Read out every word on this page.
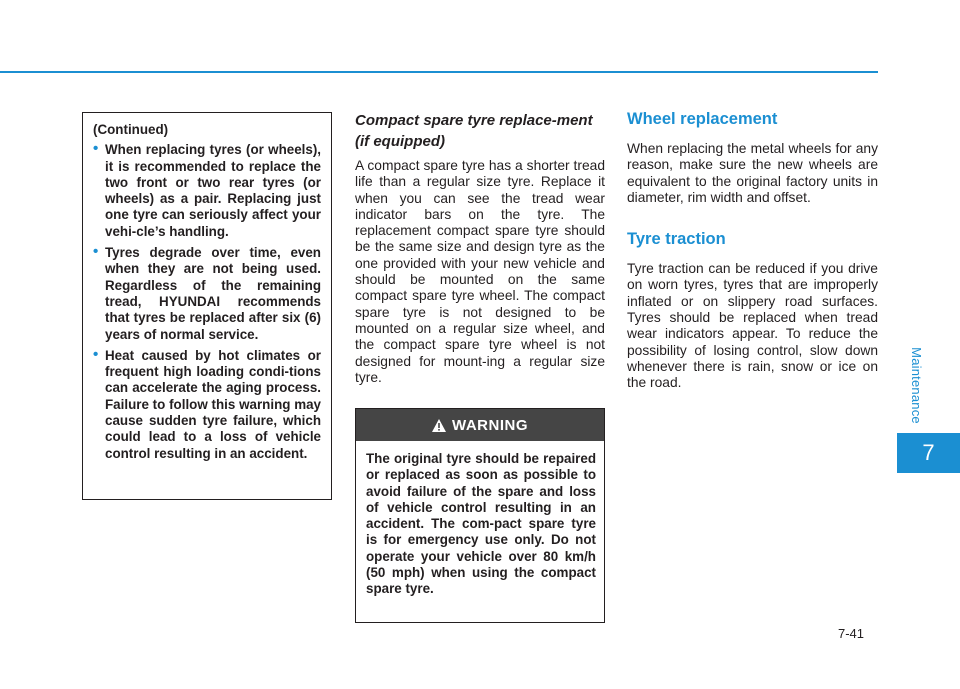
(Continued)

• When replacing tyres (or wheels), it is recommended to replace the two front or two rear tyres (or wheels) as a pair. Replacing just one tyre can seriously affect your vehi-cle’s handling.
• Tyres degrade over time, even when they are not being used. Regardless of the remaining tread, HYUNDAI recommends that tyres be replaced after six (6) years of normal service.
• Heat caused by hot climates or frequent high loading condi-tions can accelerate the aging process. Failure to follow this warning may cause sudden tyre failure, which could lead to a loss of vehicle control resulting in an accident.

Compact spare tyre replace-ment

(if equipped)

A compact spare tyre has a shorter tread life than a regular size tyre. Replace it when you can see the tread wear indicator bars on the tyre. The replacement compact spare tyre should be the same size and design tyre as the one provided with your new vehicle and should be mounted on the same compact spare tyre wheel. The compact spare tyre is not designed to be mounted on a regular size wheel, and the compact spare tyre wheel is not designed for mount-ing a regular size tyre.

WARNING
The original tyre should be repaired or replaced as soon as possible to avoid failure of the spare and loss of vehicle control resulting in an accident. The com-pact spare tyre is for emergency use only. Do not operate your vehicle over 80 km/h (50 mph) when using the compact spare tyre.

Wheel replacement

When replacing the metal wheels for any reason, make sure the new wheels are equivalent to the original factory units in diameter, rim width and offset.

Tyre traction

Tyre traction can be reduced if you drive on worn tyres, tyres that are improperly inflated or on slippery road surfaces. Tyres should be replaced when tread wear indicators appear. To reduce the possibility of losing control, slow down whenever there is rain, snow or ice on the road.	Maintenance
7
7-41
